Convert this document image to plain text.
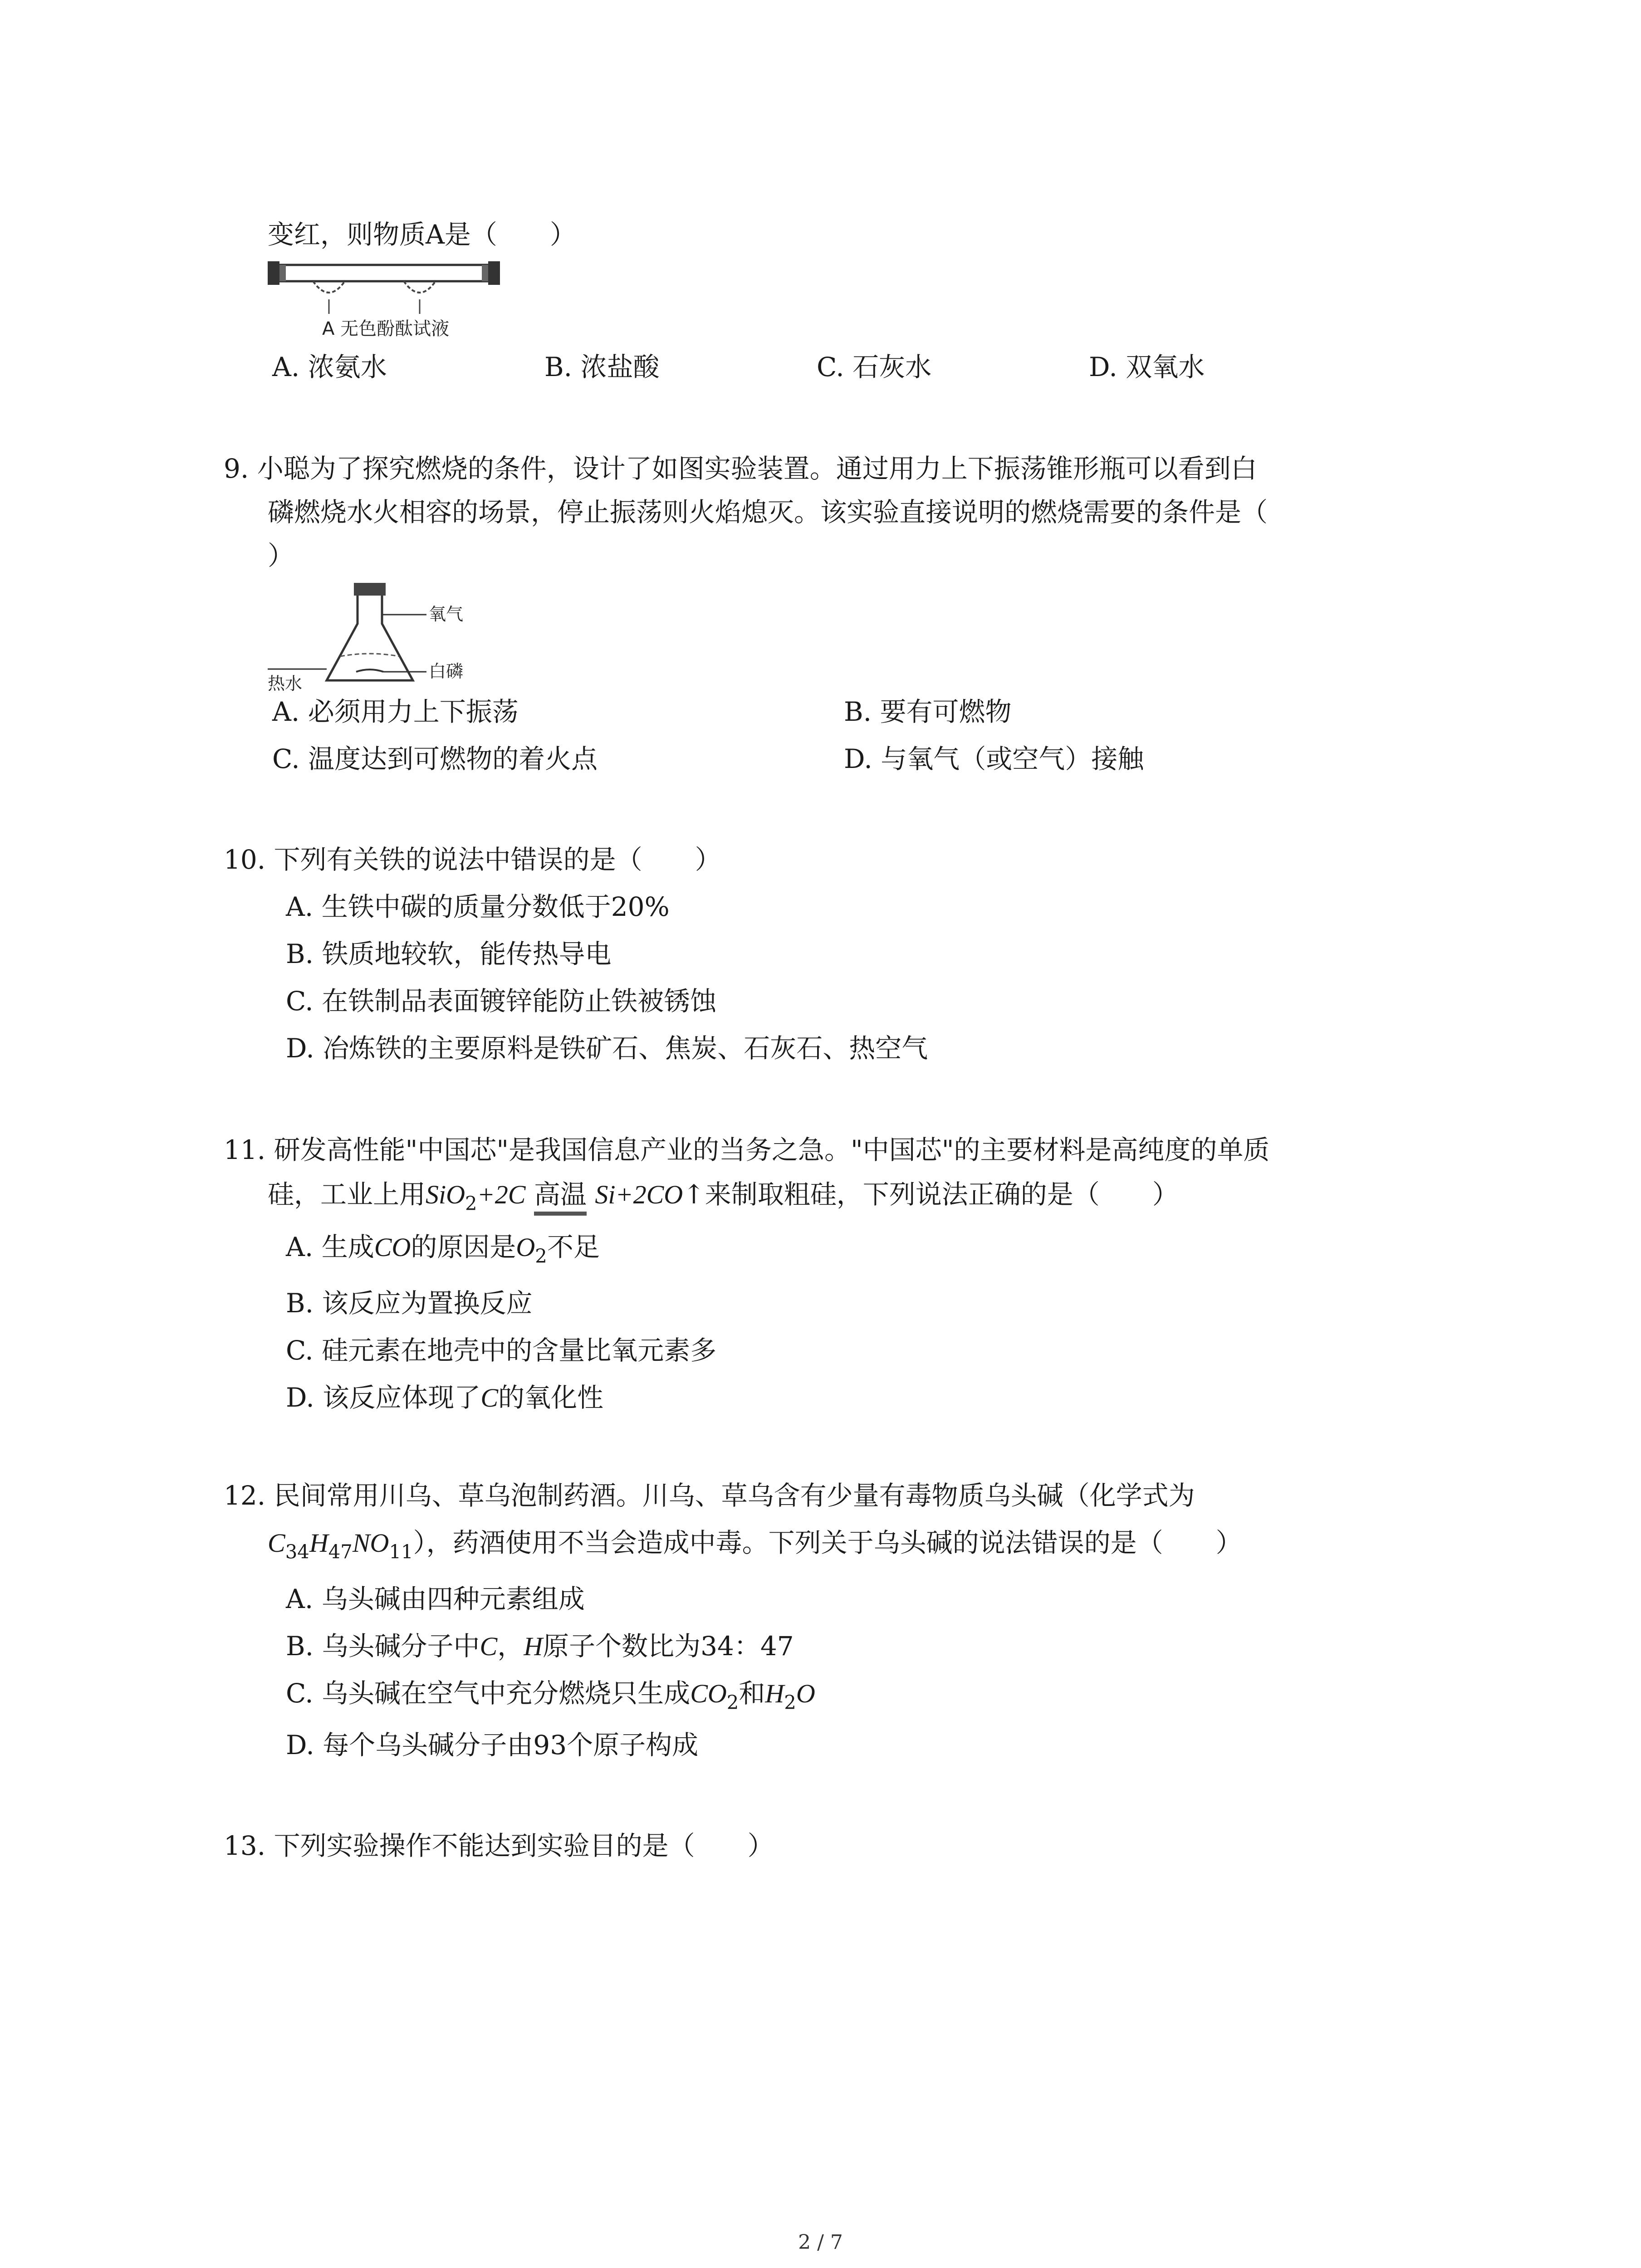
变红，则物质A是（　　）
A 无色酚酞试液
A. 浓氨水	B. 浓盐酸	C. 石灰水	D. 双氧水
9. 小聪为了探究燃烧的条件，设计了如图实验装置。通过用力上下振荡锥形瓶可以看到白
磷燃烧水火相容的场景，停止振荡则火焰熄灭。该实验直接说明的燃烧需要的条件是（
）
氧气
热水
白磷
A. 必须用力上下振荡	B. 要有可燃物
C. 温度达到可燃物的着火点	D. 与氧气（或空气）接触
10. 下列有关铁的说法中错误的是（　　）
A. 生铁中碳的质量分数低于20%
B. 铁质地较软，能传热导电
C. 在铁制品表面镀锌能防止铁被锈蚀
D. 冶炼铁的主要原料是铁矿石、焦炭、石灰石、热空气
11. 研发高性能"中国芯"是我国信息产业的当务之急。"中国芯"的主要材料是高纯度的单质
硅，工业上用SiO$_2$+2C 高温 Si+2CO↑来制取粗硅，下列说法正确的是（　　）
A. 生成CO的原因是$O_2$不足
B. 该反应为置换反应
C. 硅元素在地壳中的含量比氧元素多
D. 该反应体现了C的氧化性
12. 民间常用川乌、草乌泡制药酒。川乌、草乌含有少量有毒物质乌头碱（化学式为
$C_{34}H_{47}NO_{11}$），药酒使用不当会造成中毒。下列关于乌头碱的说法错误的是（　　）
A. 乌头碱由四种元素组成
B. 乌头碱分子中C，H原子个数比为34：47
C. 乌头碱在空气中充分燃烧只生成$CO_2$和$H_2O$
D. 每个乌头碱分子由93个原子构成
13. 下列实验操作不能达到实验目的是（　　）
2 / 7
